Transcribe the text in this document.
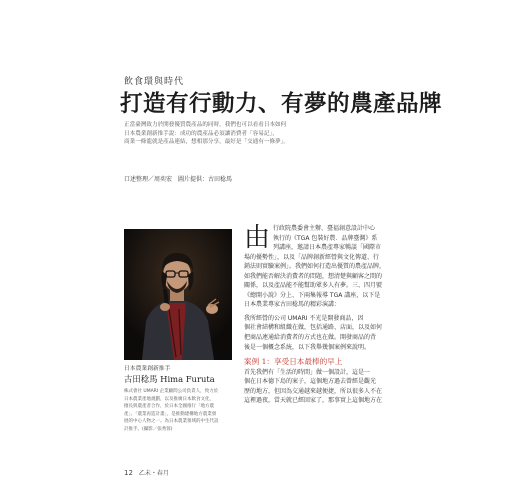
飲食環與時代
打造有行動力、有夢的農產品牌
正當臺灣致力於開發優質農產品的同時，我們也可以看看日本如何
日本農業創新推手說：成功的農產品必須讓消費者「容易記」，
商業一條龍就是產品連結，想相那分享，最好是「交通有一條夢」。
口述整理／周奕宏　圖片提供：古田稔馬
日本農業創新推手
古田稔馬 Hima Furuta
株式會社 UMARI 企業顧問公司負責人，致力於
日本農業產地規劃，以及推廣日本飲食文化，
擅長與農產者合作，於日本全國推行「地方農
產」、「農業再造計畫」，是推動建構地方農業發
展的中心人物之一。為日本農業領域的中生代設
計推手。(攝影／張秀蓉)
由 行政院農委會主辦、臺福創意設計中心
執行的《TGA 包裝好農．品牌臺灣》系
列講座，邀請日本農產專家暢談「國際市
場的優勢性」，以及「品牌創新經營與文化傳道、行
銷法則實驗案例」。我們如何打造出優質的農產品牌，
如我們能否解決消費者的問題，想清楚與顧客之間的
關係，以及產品能不能幫助眾多人有夢。三、四月號
《總開小說》分上、下兩集報導 TGA 講座，以下是
日本農業專家古田稔馬的精彩演講：
我所經營的公司 UMARI 不光是開發商品，因
個社會結構和組織在做，包括通路、店面，以及如何
把商品連通給消費者的方式也在做。開發商品的背
後是一個概念系統，以下我舉幾個案例來說明。
案例 1：享受日本最棒的早上
首先我們有「生活的時間」做一個設計，這是一
個在日本德下島的案子，這個地方過去曾經是觀光
歷的地方，但因為交通越來越便捷，所以很多人不在
這裡過夜，當天就已經回家了，那事實上這個地方在
12 乙未・春月
